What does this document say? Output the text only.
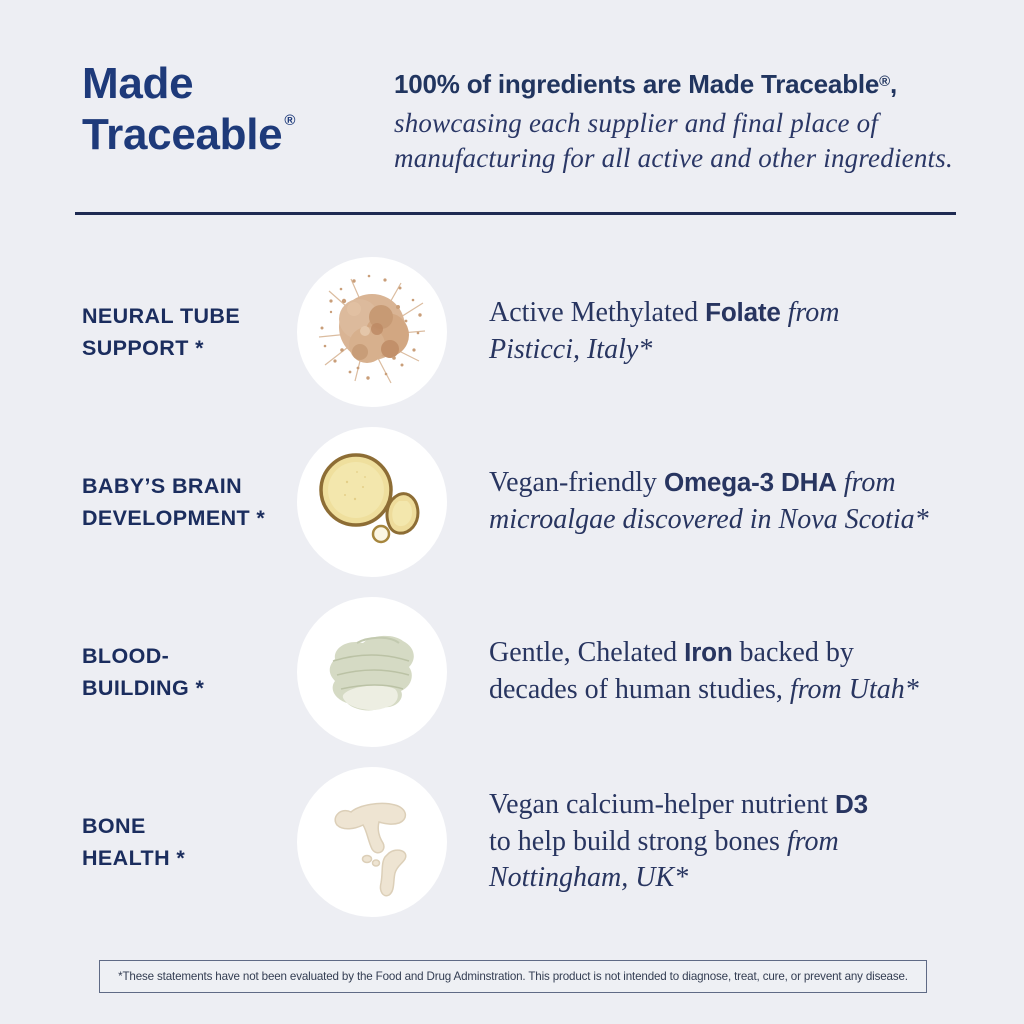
Made
Traceable ®

100% of ingredients are Made Traceable®,

showcasing each supplier and final place of
manufacturing for all active and other ingredients.

NEURAL TUBE
SUPPORT *

Active Methylated Folate from
Pisticci, Italy*

BABY’S BRAIN
DEVELOPMENT *

Vegan-friendly Omega-3 DHA from
microalgae discovered in Nova Scotia*

BLOOD-
BUILDING *

Gentle, Chelated Iron backed by
decades of human studies, from Utah*

BONE
HEALTH *

Vegan calcium-helper nutrient D3
to help build strong bones from
Nottingham, UK*

*These statements have not been evaluated by the Food and Drug Adminstration. This product is not intended to diagnose, treat, cure, or prevent any disease.
